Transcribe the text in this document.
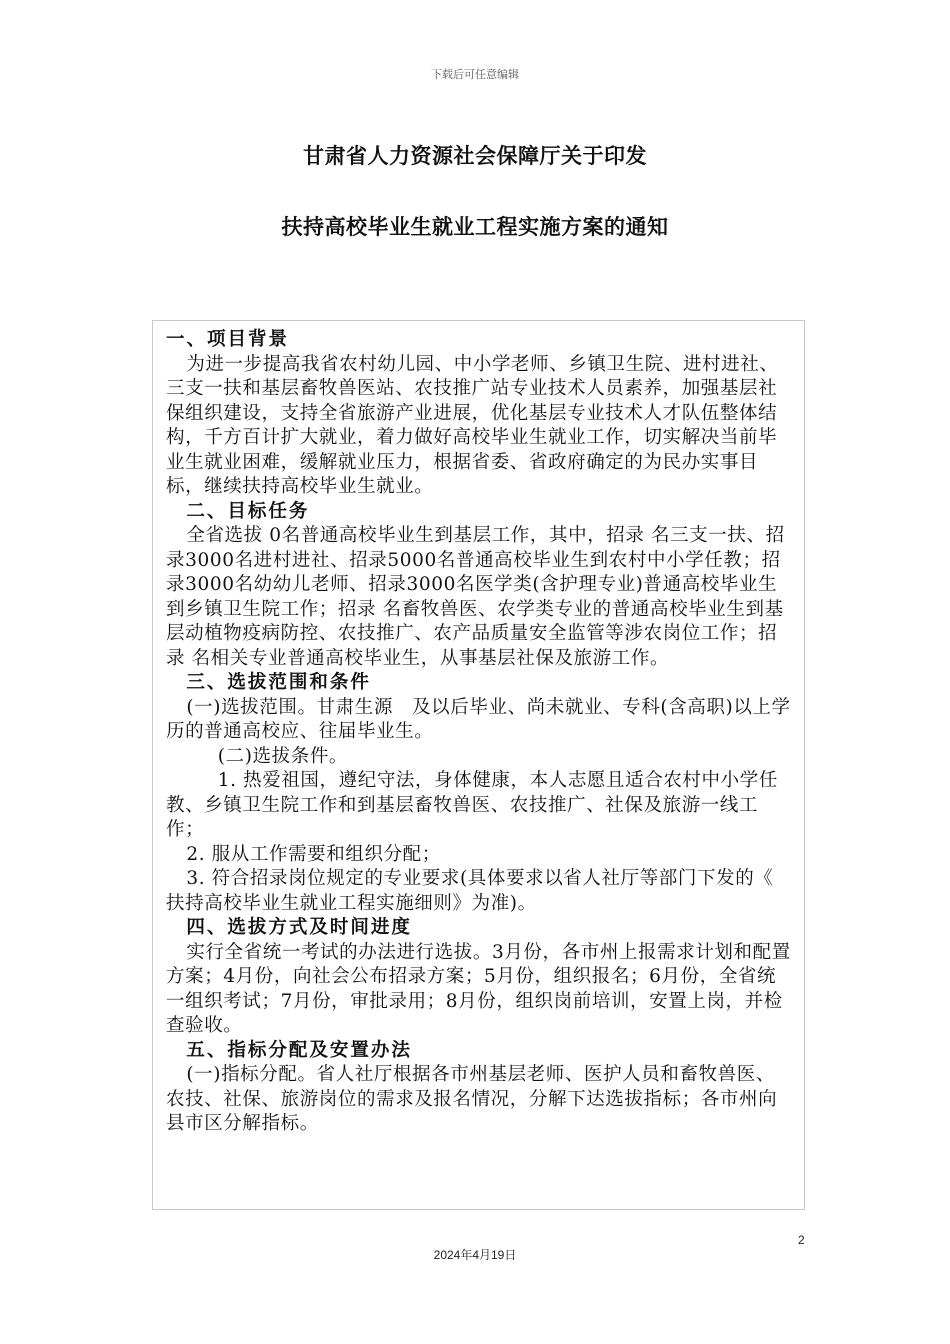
下载后可任意编辑
甘肃省人力资源社会保障厅关于印发
扶持高校毕业生就业工程实施方案的通知

一、项目背景

为进一步提高我省农村幼儿园、中小学老师、乡镇卫生院、进村进社、三支一扶和基层畜牧兽医站、农技推广站专业技术人员素养，加强基层社保组织建设，支持全省旅游产业进展，优化基层专业技术人才队伍整体结构，千方百计扩大就业，着力做好高校毕业生就业工作，切实解决当前毕业生就业困难，缓解就业压力，根据省委、省政府确定的为民办实事目标，继续扶持高校毕业生就业。

二、目标任务

全省选拔 0名普通高校毕业生到基层工作，其中，招录 名三支一扶、招录3000名进村进社、招录5000名普通高校毕业生到农村中小学任教；招录3000名幼幼儿老师、招录3000名医学类(含护理专业)普通高校毕业生到乡镇卫生院工作；招录 名畜牧兽医、农学类专业的普通高校毕业生到基层动植物疫病防控、农技推广、农产品质量安全监管等涉农岗位工作；招录 名相关专业普通高校毕业生，从事基层社保及旅游工作。

三、选拔范围和条件

(一)选拔范围。甘肃生源　及以后毕业、尚未就业、专科(含高职)以上学历的普通高校应、往届毕业生。

(二)选拔条件。

1. 热爱祖国，遵纪守法，身体健康，本人志愿且适合农村中小学任教、乡镇卫生院工作和到基层畜牧兽医、农技推广、社保及旅游一线工作；

2. 服从工作需要和组织分配；

3. 符合招录岗位规定的专业要求(具体要求以省人社厅等部门下发的《 扶持高校毕业生就业工程实施细则》为准)。

四、选拔方式及时间进度

实行全省统一考试的办法进行选拔。3月份，各市州上报需求计划和配置方案；4月份，向社会公布招录方案；5月份，组织报名；6月份，全省统一组织考试；7月份，审批录用；8月份，组织岗前培训，安置上岗，并检查验收。

五、指标分配及安置办法

(一)指标分配。省人社厅根据各市州基层老师、医护人员和畜牧兽医、农技、社保、旅游岗位的需求及报名情况，分解下达选拔指标；各市州向县市区分解指标。

2
2024年4月19日
